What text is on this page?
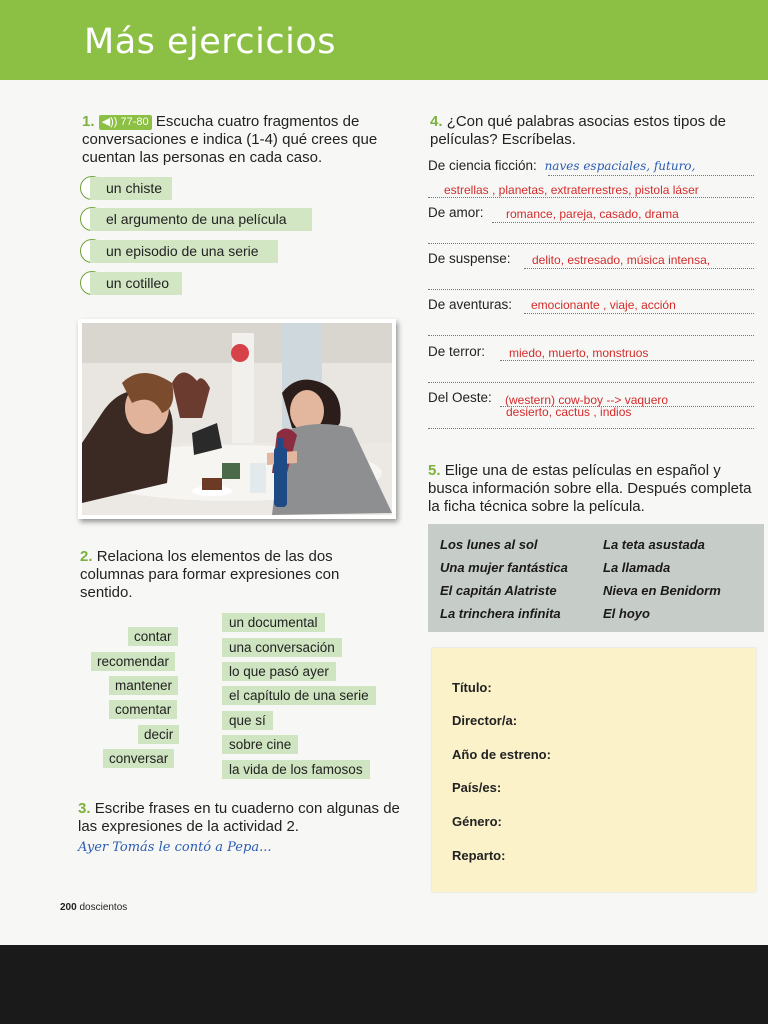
Más ejercicios
1. ◀)) 77-80 Escucha cuatro fragmentos de conversaciones e indica (1-4) qué crees que cuentan las personas en cada caso.
un chiste
el argumento de una película
un episodio de una serie
un cotilleo
2. Relaciona los elementos de las dos columnas para formar expresiones con sentido.
contar
recomendar
mantener
comentar
decir
conversar
un documental
una conversación
lo que pasó ayer
el capítulo de una serie
que sí
sobre cine
la vida de los famosos
3. Escribe frases en tu cuaderno con algunas de las expresiones de la actividad 2.
Ayer Tomás le contó a Pepa...
4. ¿Con qué palabras asocias estos tipos de películas? Escríbelas.
De ciencia ficción: naves espaciales, futuro,
estrellas , planetas, extraterrestres, pistola láser
De amor: romance, pareja, casado, drama
De suspense: delito, estresado, música intensa,
De aventuras: emocionante , viaje, acción
De terror: miedo, muerto, monstruos
Del Oeste: (western) cow-boy --> vaquero
desierto, cactus , indios
5. Elige una de estas películas en español y busca información sobre ella. Después completa la ficha técnica sobre la película.
Los lunes al sol
Una mujer fantástica
El capitán Alatriste
La trinchera infinita
La teta asustada
La llamada
Nieva en Benidorm
El hoyo
Título:
Director/a:
Año de estreno:
País/es:
Género:
Reparto:
200 doscientos
